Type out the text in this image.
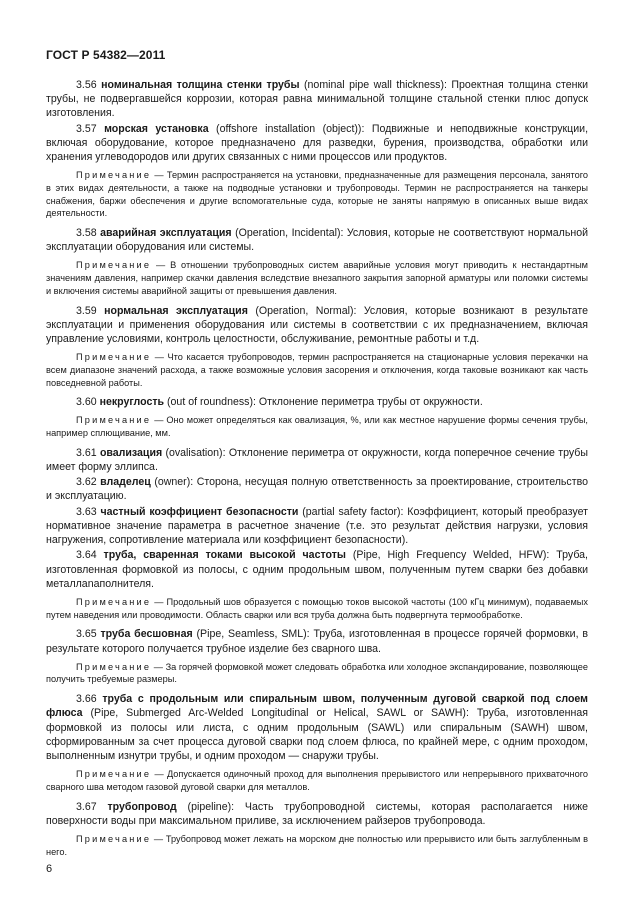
ГОСТ Р 54382—2011

3.56 номинальная толщина стенки трубы (nominal pipe wall thickness): Проектная толщина стенки трубы, не подвергавшейся коррозии, которая равна минимальной толщине стальной стенки плюс допуск изготовления.

3.57 морская установка (offshore installation (object)): Подвижные и неподвижные конструкции, включая оборудование, которое предназначено для разведки, бурения, производства, обработки или хранения углеводородов или других связанных с ними процессов или продуктов.

Примечание — Термин распространяется на установки, предназначенные для размещения персонала, занятого в этих видах деятельности, а также на подводные установки и трубопроводы. Термин не распространяется на танкеры снабжения, баржи обеспечения и другие вспомогательные суда, которые не заняты напрямую в описанных выше видах деятельности.

3.58 аварийная эксплуатация (Operation, Incidental): Условия, которые не соответствуют нормальной эксплуатации оборудования или системы.

Примечание — В отношении трубопроводных систем аварийные условия могут приводить к нестандартным значениям давления, например скачки давления вследствие внезапного закрытия запорной арматуры или поломки системы и включения системы аварийной защиты от превышения давления.

3.59 нормальная эксплуатация (Operation, Normal): Условия, которые возникают в результате эксплуатации и применения оборудования или системы в соответствии с их предназначением, включая управление условиями, контроль целостности, обслуживание, ремонтные работы и т.д.

Примечание — Что касается трубопроводов, термин распространяется на стационарные условия перекачки на всем диапазоне значений расхода, а также возможные условия засорения и отключения, когда таковые возникают как часть повседневной работы.

3.60 некруглость (out of roundness): Отклонение периметра трубы от окружности.

Примечание — Оно может определяться как овализация, %, или как местное нарушение формы сечения трубы, например сплющивание, мм.

3.61 овализация (ovalisation): Отклонение периметра от окружности, когда поперечное сечение трубы имеет форму эллипса.

3.62 владелец (owner): Сторона, несущая полную ответственность за проектирование, строительство и эксплуатацию.

3.63 частный коэффициент безопасности (partial safety factor): Коэффициент, который преобразует нормативное значение параметра в расчетное значение (т.е. это результат действия нагрузки, условия нагружения, сопротивление материала или коэффициент безопасности).

3.64 труба, сваренная токами высокой частоты (Pipe, High Frequency Welded, HFW): Труба, изготовленная формовкой из полосы, с одним продольным швом, полученным путем сварки без добавки металлаnаполнителя.

Примечание — Продольный шов образуется с помощью токов высокой частоты (100 кГц минимум), подаваемых путем наведения или проводимости. Область сварки или вся труба должна быть подвергнута термообработке.

3.65 труба бесшовная (Pipe, Seamless, SML): Труба, изготовленная в процессе горячей формовки, в результате которого получается трубное изделие без сварного шва.

Примечание — За горячей формовкой может следовать обработка или холодное экспандирование, позволяющее получить требуемые размеры.

3.66 труба с продольным или спиральным швом, полученным дуговой сваркой под слоем флюса (Pipe, Submerged Arc-Welded Longitudinal or Helical, SAWL or SAWH): Труба, изготовленная формовкой из полосы или листа, с одним продольным (SAWL) или спиральным (SAWH) швом, сформированным за счет процесса дуговой сварки под слоем флюса, по крайней мере, с одним проходом, выполненным изнутри трубы, и одним проходом — снаружи трубы.

Примечание — Допускается одиночный проход для выполнения прерывистого или непрерывного прихваточного сварного шва методом газовой дуговой сварки для металлов.

3.67 трубопровод (pipeline): Часть трубопроводной системы, которая располагается ниже поверхности воды при максимальном приливе, за исключением райзеров трубопровода.

Примечание — Трубопровод может лежать на морском дне полностью или прерывисто или быть заглубленным в него.

6
